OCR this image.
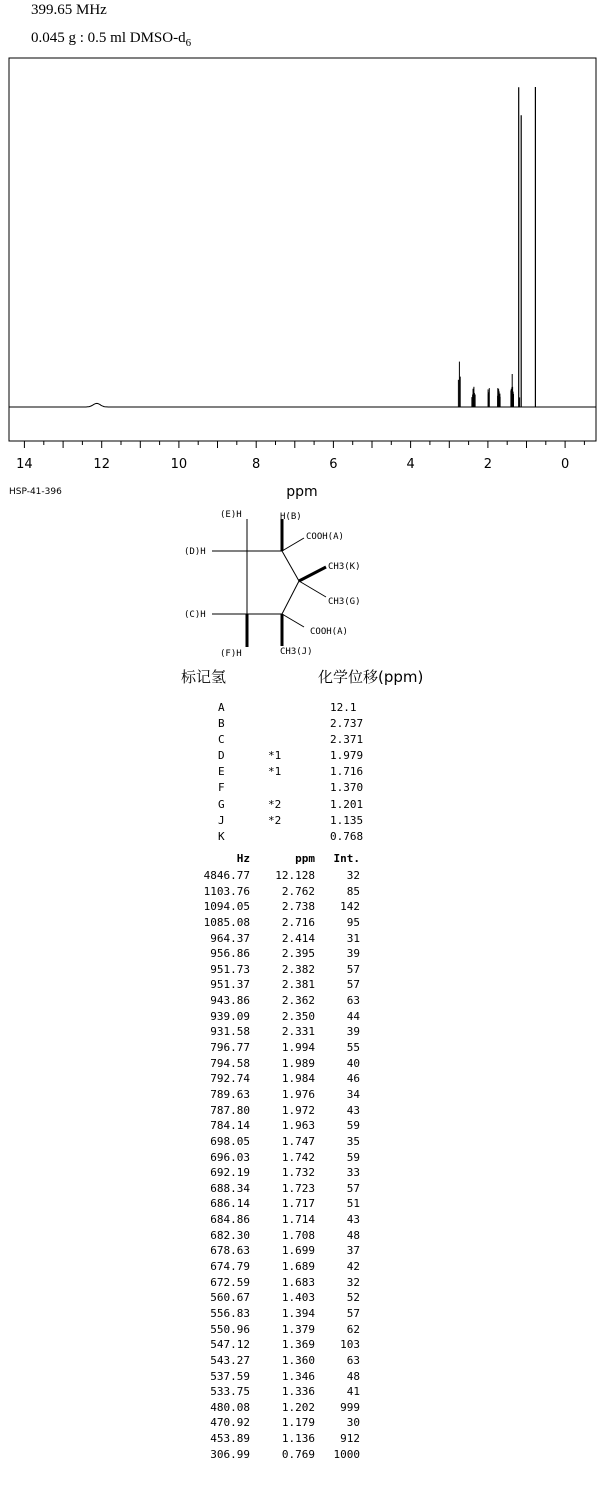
399.65 MHz
0.045 g : 0.5 ml DMSO-$d_6$
14	12	10	8	6	4	2	0
ppm
HSP-41-396
(E)H	H(B)
(D)H
COOH(A)
CH3(K)
CH3(G)
(C)H
COOH(A)
(F)H	CH3(J)
标记氢	化学位移(ppm)
A	12.1
B	2.737
C	2.371
D	*1	1.979
E	*1	1.716
F	1.370
G	*2	1.201
J	*2	1.135
K	0.768
Hz	ppm Int.
4846.77 12.128	32
1103.76	2.762	85
1094.05	2.738 142
1085.08	2.716	95
964.37	2.414	31
956.86	2.395	39
951.73	2.382	57
951.37	2.381	57
943.86	2.362	63
939.09	2.350	44
931.58	2.331	39
796.77	1.994	55
794.58	1.989	40
792.74	1.984	46
789.63	1.976	34
787.80	1.972	43
784.14	1.963	59
698.05	1.747	35
696.03	1.742	59
692.19	1.732	33
688.34	1.723	57
686.14	1.717	51
684.86	1.714	43
682.30	1.708	48
678.63	1.699	37
674.79	1.689	42
672.59	1.683	32
560.67	1.403	52
556.83	1.394	57
550.96	1.379	62
547.12	1.369 103
543.27	1.360	63
537.59	1.346	48
533.75	1.336	41
480.08	1.202 999
470.92	1.179	30
453.89	1.136 912
306.99	0.769 1000
